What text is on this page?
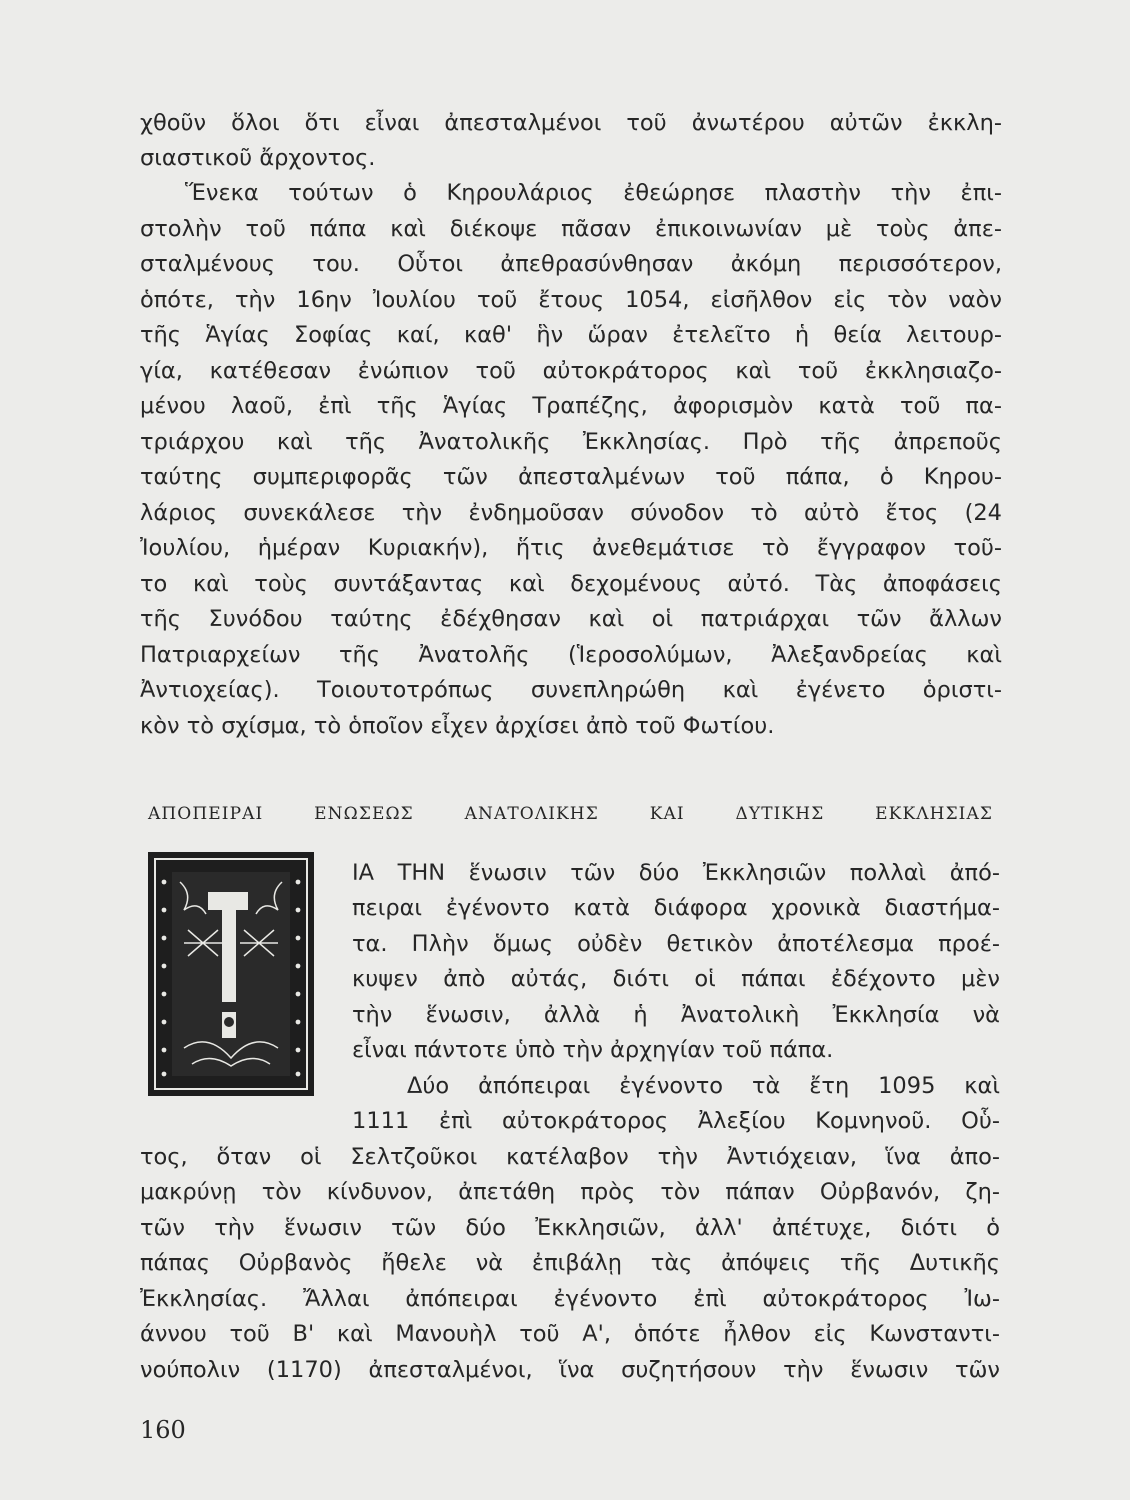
χθοῦν ὅλοι ὅτι εἶναι ἀπεσταλμένοι τοῦ ἀνωτέρου αὐτῶν ἐκκλη-
σιαστικοῦ ἄρχοντος.
Ἕνεκα τούτων ὁ Κηρουλάριος ἐθεώρησε πλαστὴν τὴν ἐπι-
στολὴν τοῦ πάπα καὶ διέκοψε πᾶσαν ἐπικοινωνίαν μὲ τοὺς ἀπε-
σταλμένους του. Οὗτοι ἀπεθρασύνθησαν ἀκόμη περισσότερον,
ὁπότε, τὴν 16ην Ἰουλίου τοῦ ἔτους 1054, εἰσῆλθον εἰς τὸν ναὸν
τῆς Ἁγίας Σοφίας καί, καθ' ἣν ὥραν ἐτελεῖτο ἡ θεία λειτουρ-
γία, κατέθεσαν ἐνώπιον τοῦ αὐτοκράτορος καὶ τοῦ ἐκκλησιαζο-
μένου λαοῦ, ἐπὶ τῆς Ἁγίας Τραπέζης, ἀφορισμὸν κατὰ τοῦ πα-
τριάρχου καὶ τῆς Ἀνατολικῆς Ἐκκλησίας. Πρὸ τῆς ἀπρεποῦς
ταύτης συμπεριφορᾶς τῶν ἀπεσταλμένων τοῦ πάπα, ὁ Κηρου-
λάριος συνεκάλεσε τὴν ἐνδημοῦσαν σύνοδον τὸ αὐτὸ ἔτος (24
Ἰουλίου, ἡμέραν Κυριακήν), ἥτις ἀνεθεμάτισε τὸ ἔγγραφον τοῦ-
το καὶ τοὺς συντάξαντας καὶ δεχομένους αὐτό. Τὰς ἀποφάσεις
τῆς Συνόδου ταύτης ἐδέχθησαν καὶ οἱ πατριάρχαι τῶν ἄλλων
Πατριαρχείων τῆς Ἀνατολῆς (Ἱεροσολύμων, Ἀλεξανδρείας καὶ
Ἀντιοχείας). Τοιουτοτρόπως συνεπληρώθη καὶ ἐγένετο ὁριστι-
κὸν τὸ σχίσμα, τὸ ὁποῖον εἶχεν ἀρχίσει ἀπὸ τοῦ Φωτίου.
ΑΠΟΠΕΙΡΑΙ ΕΝΩΣΕΩΣ ΑΝΑΤΟΛΙΚΗΣ ΚΑΙ ΔΥΤΙΚΗΣ ΕΚΚΛΗΣΙΑΣ
ΙΑ ΤΗΝ ἕνωσιν τῶν δύο Ἐκκλησιῶν πολλαὶ ἀπό-
πειραι ἐγένοντο κατὰ διάφορα χρονικὰ διαστήμα-
τα. Πλὴν ὅμως οὐδὲν θετικὸν ἀποτέλεσμα προέ-
κυψεν ἀπὸ αὐτάς, διότι οἱ πάπαι ἐδέχοντο μὲν
τὴν ἕνωσιν, ἀλλὰ ἡ Ἀνατολικὴ Ἐκκλησία νὰ
εἶναι πάντοτε ὑπὸ τὴν ἀρχηγίαν τοῦ πάπα.
Δύο ἀπόπειραι ἐγένοντο τὰ ἔτη 1095 καὶ
1111 ἐπὶ αὐτοκράτορος Ἀλεξίου Κομνηνοῦ. Οὗ-
τος, ὅταν οἱ Σελτζοῦκοι κατέλαβον τὴν Ἀντιόχειαν, ἵνα ἀπο-
μακρύνῃ τὸν κίνδυνον, ἀπετάθη πρὸς τὸν πάπαν Οὐρβανόν, ζη-
τῶν τὴν ἕνωσιν τῶν δύο Ἐκκλησιῶν, ἀλλ' ἀπέτυχε, διότι ὁ
πάπας Οὐρβανὸς ἤθελε νὰ ἐπιβάλῃ τὰς ἀπόψεις τῆς Δυτικῆς
Ἐκκλησίας. Ἄλλαι ἀπόπειραι ἐγένοντο ἐπὶ αὐτοκράτορος Ἰω-
άννου τοῦ Β' καὶ Μανουὴλ τοῦ Α', ὁπότε ἦλθον εἰς Κωνσταντι-
νούπολιν (1170) ἀπεσταλμένοι, ἵνα συζητήσουν τὴν ἕνωσιν τῶν
160
